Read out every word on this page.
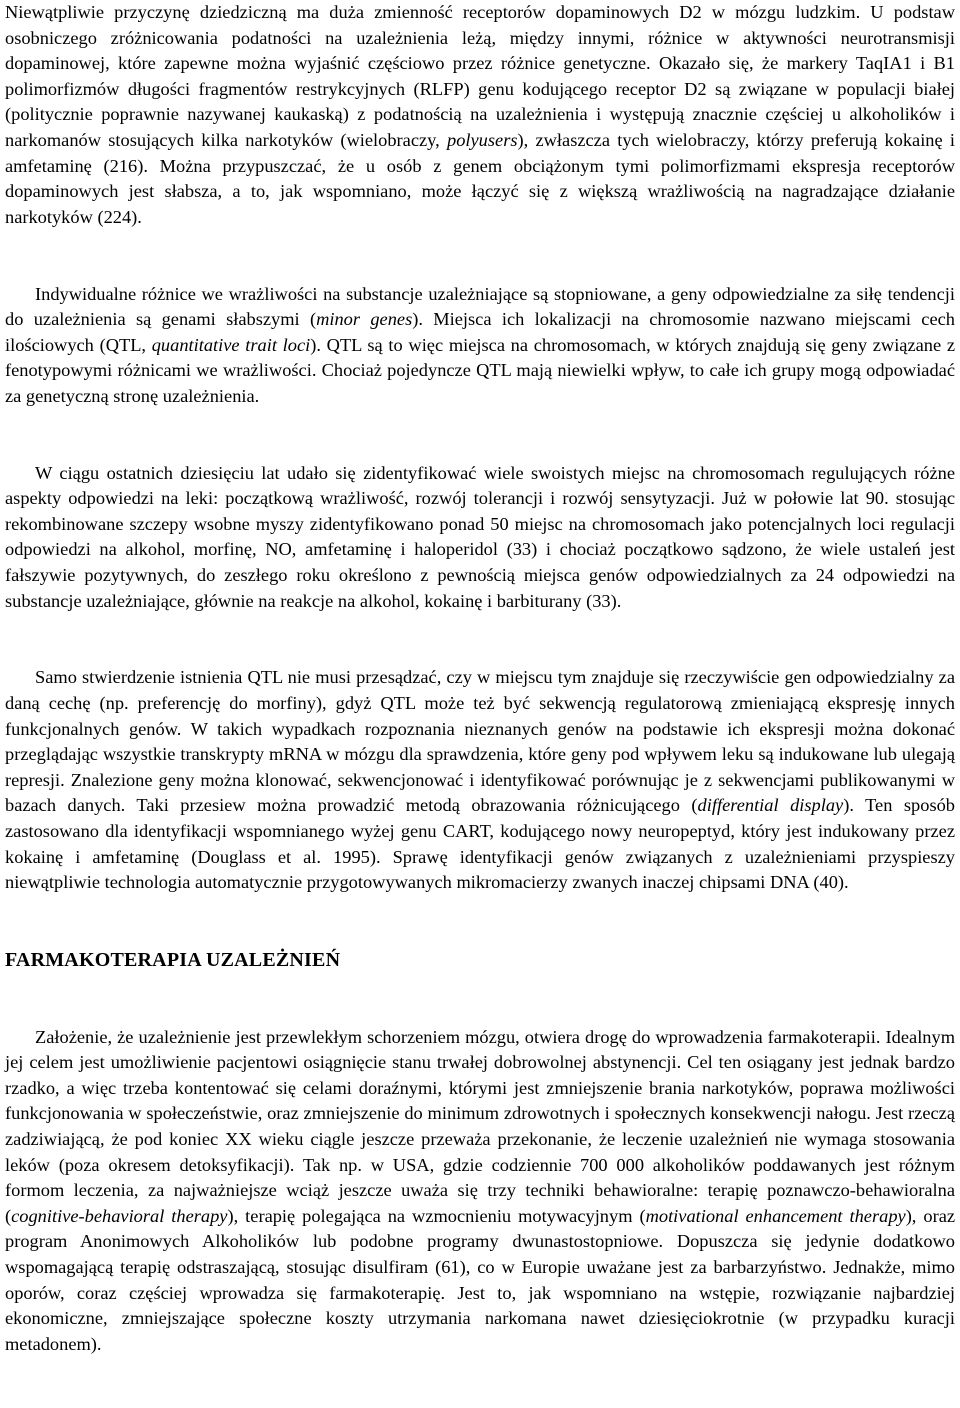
Niewątpliwie przyczynę dziedziczną ma duża zmienność receptorów dopaminowych D2 w mózgu ludzkim. U podstaw osobniczego zróżnicowania podatności na uzależnienia leżą, między innymi, różnice w aktywności neurotransmisji dopaminowej, które zapewne można wyjaśnić częściowo przez różnice genetyczne. Okazało się, że markery TaqIA1 i B1 polimorfizmów długości fragmentów restrykcyjnych (RLFP) genu kodującego receptor D2 są związane w populacji białej (politycznie poprawnie nazywanej kaukaską) z podatnością na uzależnienia i występują znacznie częściej u alkoholików i narkomanów stosujących kilka narkotyków (wielobraczy, polyusers), zwłaszcza tych wielobraczy, którzy preferują kokainę i amfetaminę (216). Można przypuszczać, że u osób z genem obciążonym tymi polimorfizmami ekspresja receptorów dopaminowych jest słabsza, a to, jak wspomniano, może łączyć się z większą wrażliwością na nagradzające działanie narkotyków (224).

Indywidualne różnice we wrażliwości na substancje uzależniające są stopniowane, a geny odpowiedzialne za siłę tendencji do uzależnienia są genami słabszymi (minor genes). Miejsca ich lokalizacji na chromosomie nazwano miejscami cech ilościowych (QTL, quantitative trait loci). QTL są to więc miejsca na chromosomach, w których znajdują się geny związane z fenotypowymi różnicami we wrażliwości. Chociaż pojedyncze QTL mają niewielki wpływ, to całe ich grupy mogą odpowiadać za genetyczną stronę uzależnienia.

W ciągu ostatnich dziesięciu lat udało się zidentyfikować wiele swoistych miejsc na chromosomach regulujących różne aspekty odpowiedzi na leki: początkową wrażliwość, rozwój tolerancji i rozwój sensytyzacji. Już w połowie lat 90. stosując rekombinowane szczepy wsobne myszy zidentyfikowano ponad 50 miejsc na chromosomach jako potencjalnych loci regulacji odpowiedzi na alkohol, morfinę, NO, amfetaminę i haloperidol (33) i chociaż początkowo sądzono, że wiele ustaleń jest fałszywie pozytywnych, do zeszłego roku określono z pewnością miejsca genów odpowiedzialnych za 24 odpowiedzi na substancje uzależniające, głównie na reakcje na alkohol, kokainę i barbiturany (33).

Samo stwierdzenie istnienia QTL nie musi przesądzać, czy w miejscu tym znajduje się rzeczywiście gen odpowiedzialny za daną cechę (np. preferencję do morfiny), gdyż QTL może też być sekwencją regulatorową zmieniającą ekspresję innych funkcjonalnych genów. W takich wypadkach rozpoznania nieznanych genów na podstawie ich ekspresji można dokonać przeglądając wszystkie transkrypty mRNA w mózgu dla sprawdzenia, które geny pod wpływem leku są indukowane lub ulegają represji. Znalezione geny można klonować, sekwencjonować i identyfikować porównując je z sekwencjami publikowanymi w bazach danych. Taki przesiew można prowadzić metodą obrazowania różnicującego (differential display). Ten sposób zastosowano dla identyfikacji wspomnianego wyżej genu CART, kodującego nowy neuropeptyd, który jest indukowany przez kokainę i amfetaminę (Douglass et al. 1995). Sprawę identyfikacji genów związanych z uzależnieniami przyspieszy niewątpliwie technologia automatycznie przygotowywanych mikromacierzy zwanych inaczej chipsami DNA (40).

FARMAKOTERAPIA UZALEŻNIEŃ

Założenie, że uzależnienie jest przewlekłym schorzeniem mózgu, otwiera drogę do wprowadzenia farmakoterapii. Idealnym jej celem jest umożliwienie pacjentowi osiągnięcie stanu trwałej dobrowolnej abstynencji. Cel ten osiągany jest jednak bardzo rzadko, a więc trzeba kontentować się celami doraźnymi, którymi jest zmniejszenie brania narkotyków, poprawa możliwości funkcjonowania w społeczeństwie, oraz zmniejszenie do minimum zdrowotnych i społecznych konsekwencji nałogu. Jest rzeczą zadziwiającą, że pod koniec XX wieku ciągle jeszcze przeważa przekonanie, że leczenie uzależnień nie wymaga stosowania leków (poza okresem detoksyfikacji). Tak np. w USA, gdzie codziennie 700 000 alkoholików poddawanych jest różnym formom leczenia, za najważniejsze wciąż jeszcze uważa się trzy techniki behawioralne: terapię poznawczo-behawioralna (cognitive-behavioral therapy), terapię polegająca na wzmocnieniu motywacyjnym (motivational enhancement therapy), oraz program Anonimowych Alkoholików lub podobne programy dwunastostopniowe. Dopuszcza się jedynie dodatkowo wspomagającą terapię odstraszającą, stosując disulfiram (61), co w Europie uważane jest za barbarzyństwo. Jednakże, mimo oporów, coraz częściej wprowadza się farmakoterapię. Jest to, jak wspomniano na wstępie, rozwiązanie najbardziej ekonomiczne, zmniejszające społeczne koszty utrzymania narkomana nawet dziesięciokrotnie (w przypadku kuracji metadonem).
